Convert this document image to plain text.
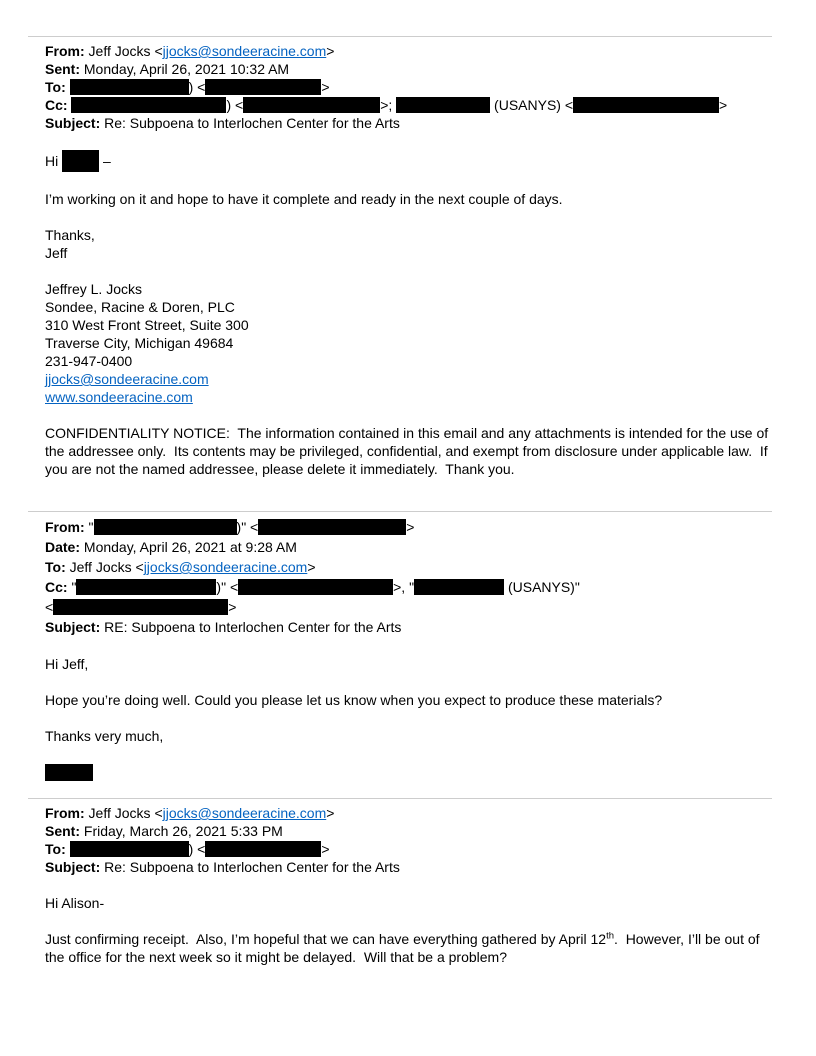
From: Jeff Jocks <jjocks@sondeeracine.com>
Sent: Monday, April 26, 2021 10:32 AM
To:	) <	>
Cc:	) <	>;	(USANYS) <	>
Subject: Re: Subpoena to Interlochen Center for the Arts
Hi	–
I’m working on it and hope to have it complete and ready in the next couple of days.
Thanks,
Jeff
Jeffrey L. Jocks
Sondee, Racine & Doren, PLC
310 West Front Street, Suite 300
Traverse City, Michigan 49684
231-947-0400
jjocks@sondeeracine.com
www.sondeeracine.com
CONFIDENTIALITY NOTICE:  The information contained in this email and any attachments is intended for the use of the addressee only.  Its contents may be privileged, confidential, and exempt from disclosure under applicable law.  If you are not the named addressee, please delete it immediately.  Thank you.
From: "	)" <	>
Date: Monday, April 26, 2021 at 9:28 AM
To: Jeff Jocks <jjocks@sondeeracine.com>
Cc: "	)" <	>, "	(USANYS)"
<	>
Subject: RE: Subpoena to Interlochen Center for the Arts
Hi Jeff,
Hope you’re doing well. Could you please let us know when you expect to produce these materials?
Thanks very much,
From: Jeff Jocks <jjocks@sondeeracine.com>
Sent: Friday, March 26, 2021 5:33 PM
To:	) <	>
Subject: Re: Subpoena to Interlochen Center for the Arts
Hi Alison-
Just confirming receipt.  Also, I’m hopeful that we can have everything gathered by April 12th.  However, I’ll be out of the office for the next week so it might be delayed.  Will that be a problem?
